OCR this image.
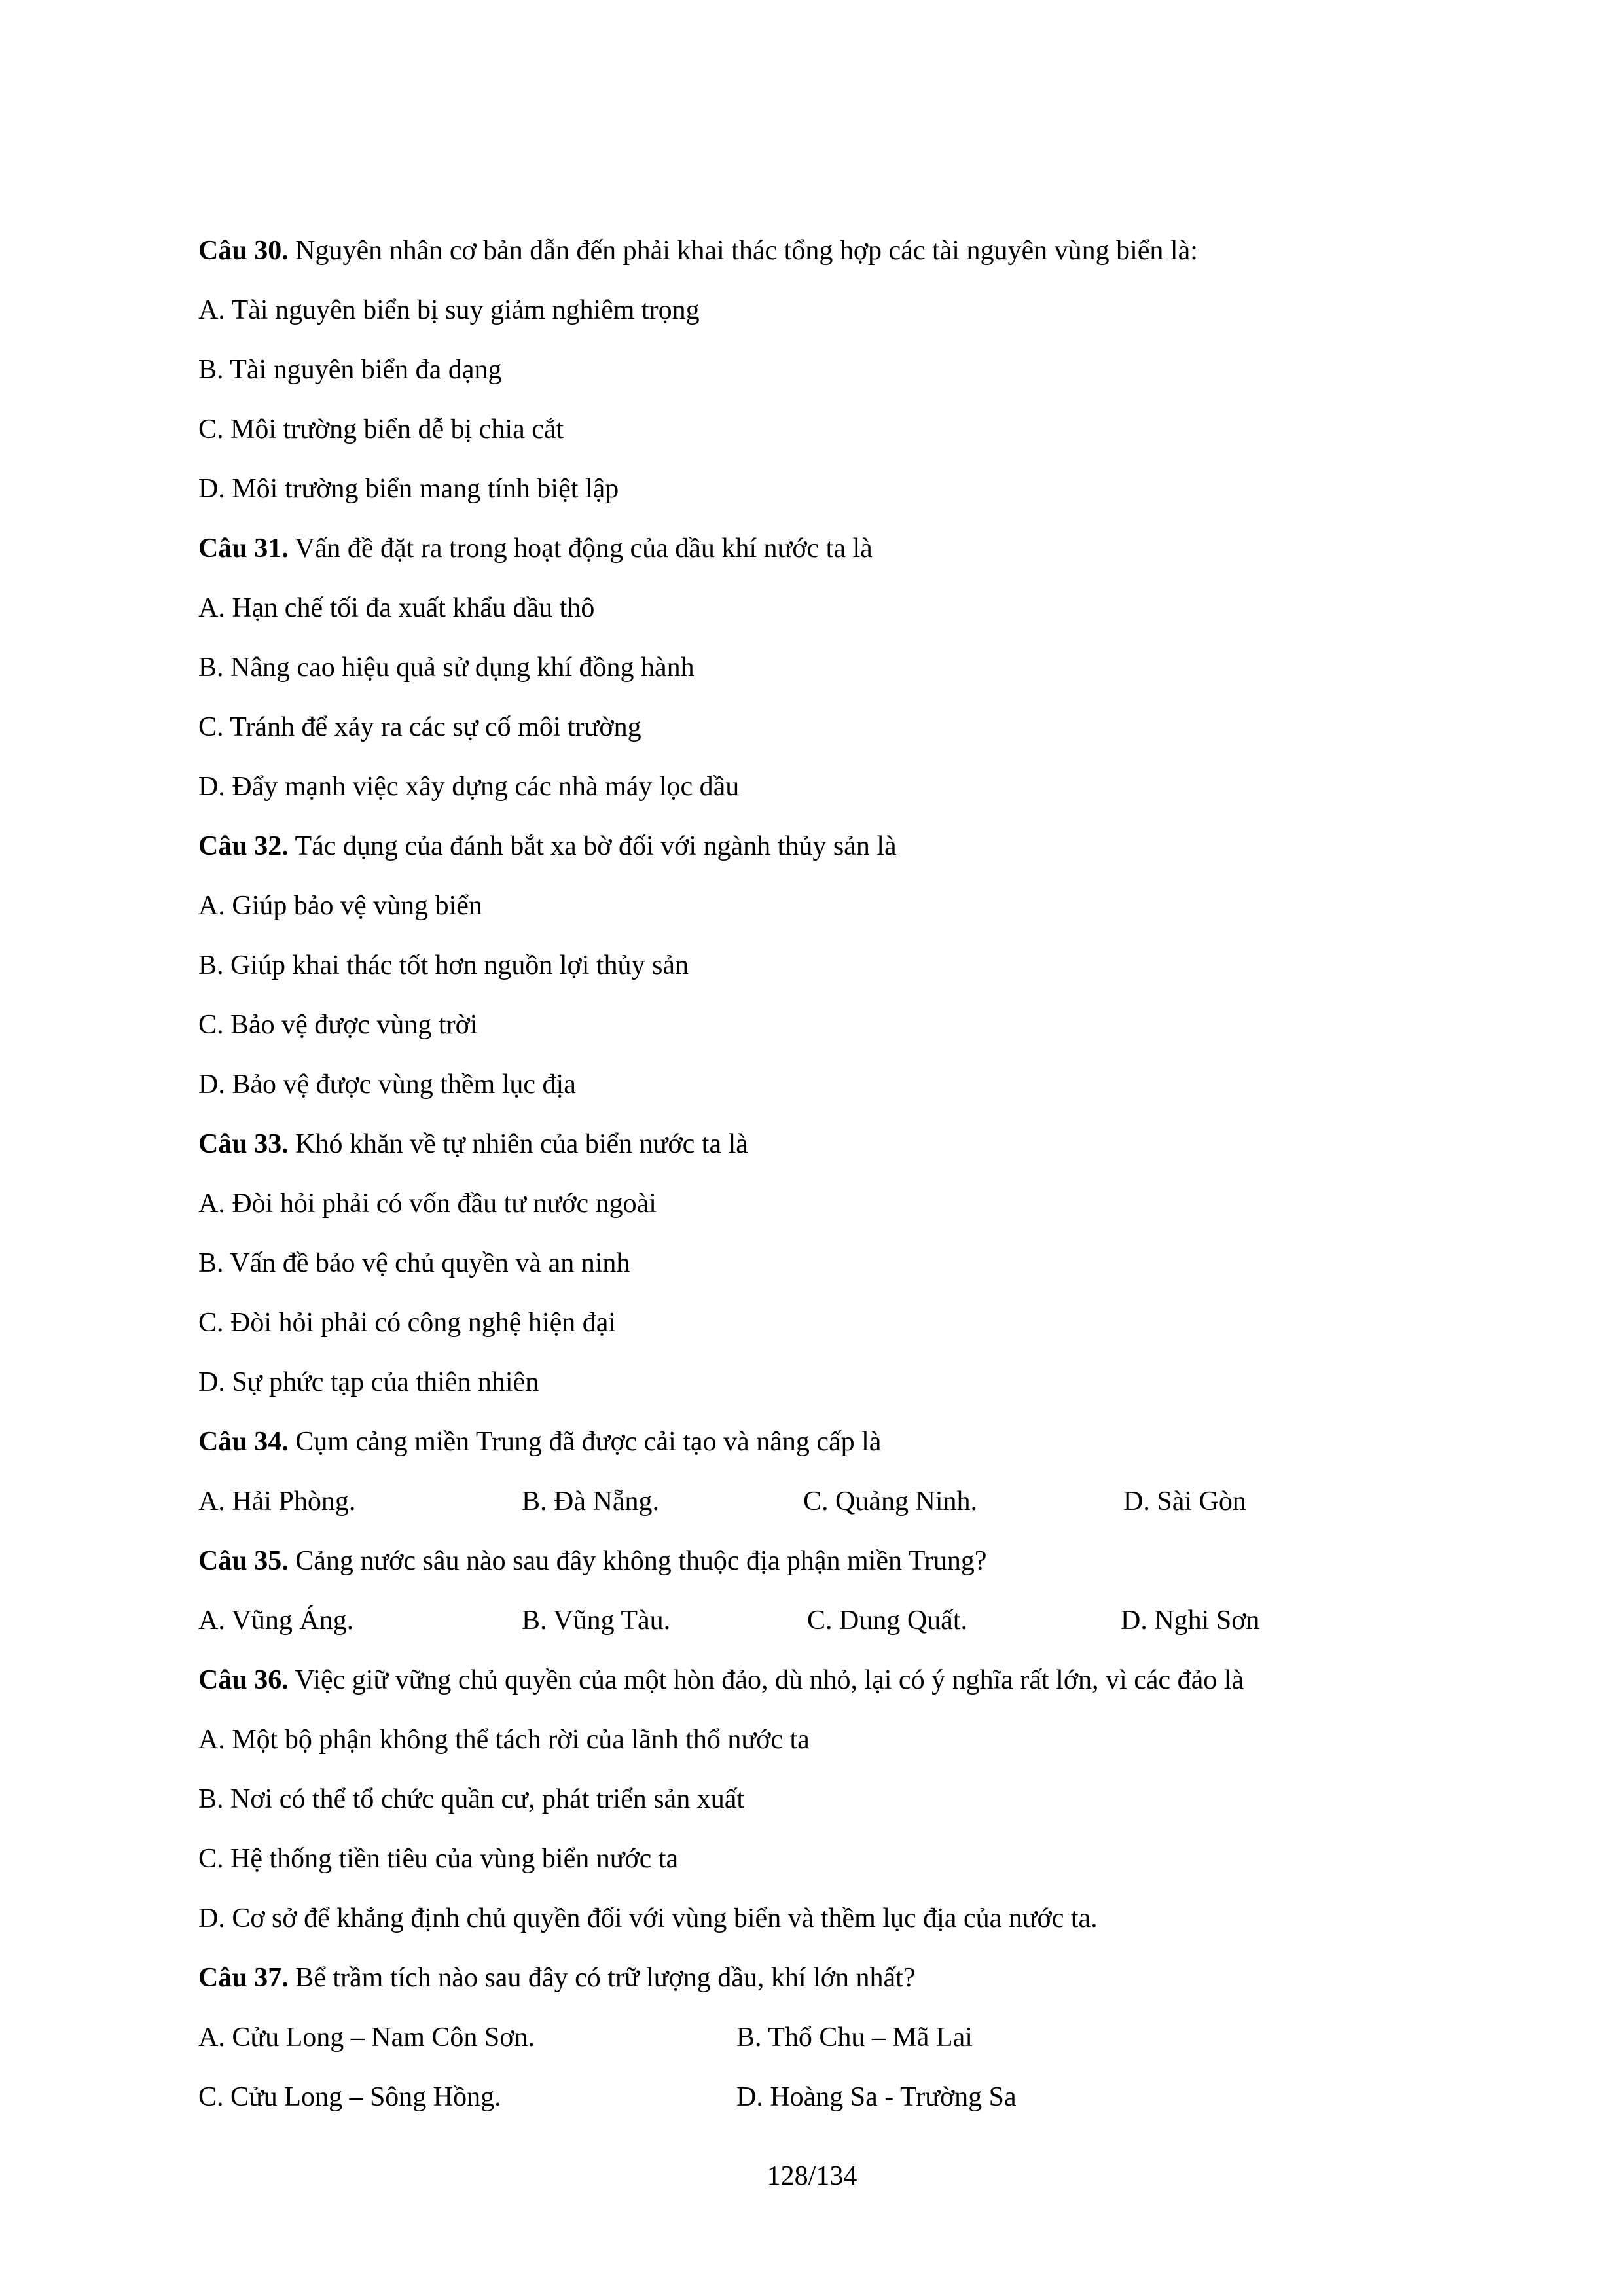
Câu 30. Nguyên nhân cơ bản dẫn đến phải khai thác tổng hợp các tài nguyên vùng biển là:
A. Tài nguyên biển bị suy giảm nghiêm trọng
B. Tài nguyên biển đa dạng
C. Môi trường biển dễ bị chia cắt
D. Môi trường biển mang tính biệt lập
Câu 31. Vấn đề đặt ra trong hoạt động của dầu khí nước ta là
A. Hạn chế tối đa xuất khẩu dầu thô
B. Nâng cao hiệu quả sử dụng khí đồng hành
C. Tránh để xảy ra các sự cố môi trường
D. Đẩy mạnh việc xây dựng các nhà máy lọc dầu
Câu 32. Tác dụng của đánh bắt xa bờ đối với ngành thủy sản là
A. Giúp bảo vệ vùng biển
B. Giúp khai thác tốt hơn nguồn lợi thủy sản
C. Bảo vệ được vùng trời
D. Bảo vệ được vùng thềm lục địa
Câu 33. Khó khăn về tự nhiên của biển nước ta là
A. Đòi hỏi phải có vốn đầu tư nước ngoài
B. Vấn đề bảo vệ chủ quyền và an ninh
C. Đòi hỏi phải có công nghệ hiện đại
D. Sự phức tạp của thiên nhiên
Câu 34. Cụm cảng miền Trung đã được cải tạo và nâng cấp là
A. Hải Phòng.	B. Đà Nẵng.	C. Quảng Ninh.	D. Sài Gòn
Câu 35. Cảng nước sâu nào sau đây không thuộc địa phận miền Trung?
A. Vũng Áng.	B. Vũng Tàu.	C. Dung Quất.	D. Nghi Sơn
Câu 36. Việc giữ vững chủ quyền của một hòn đảo, dù nhỏ, lại có ý nghĩa rất lớn, vì các đảo là
A. Một bộ phận không thể tách rời của lãnh thổ nước ta
B. Nơi có thể tổ chức quần cư, phát triển sản xuất
C. Hệ thống tiền tiêu của vùng biển nước ta
D. Cơ sở để khẳng định chủ quyền đối với vùng biển và thềm lục địa của nước ta.
Câu 37. Bể trầm tích nào sau đây có trữ lượng dầu, khí lớn nhất?
A. Cửu Long – Nam Côn Sơn.	B. Thổ Chu – Mã Lai
C. Cửu Long – Sông Hồng.	D. Hoàng Sa - Trường Sa
128/134
